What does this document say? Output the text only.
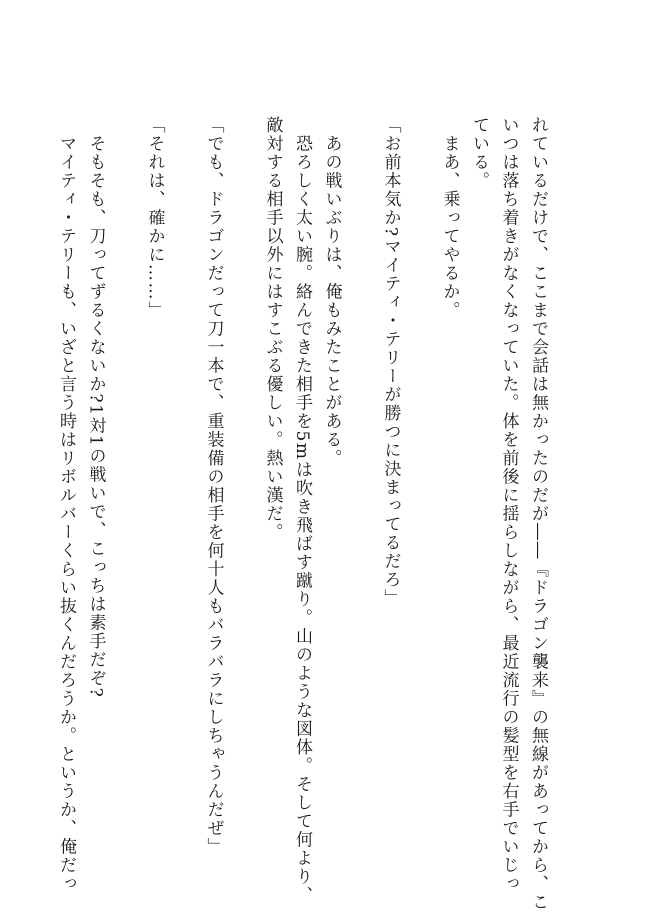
れているだけで、ここまで会話は無かったのだが――『ドラゴン襲来』の無線があってから、こ
いつは落ち着きがなくなっていた。体を前後に揺らしながら、最近流行の髪型を右手でいじっ
ている。
　まあ、乗ってやるか。
「お前本気か?マイティ・テリーが勝つに決まってるだろ」
　あの戦いぶりは、俺もみたことがある。
　恐ろしく太い腕。絡んできた相手を5mは吹き飛ばす蹴り。山のような図体。そして何より、
敵対する相手以外にはすこぶる優しい。熱い漢だ。
「でも、ドラゴンだって刀一本で、重装備の相手を何十人もバラバラにしちゃうんだぜ」
「それは、確かに……」
　そもそも、刀ってずるくないか?1対1の戦いで、こっちは素手だぞ?
　マイティ・テリーも、いざと言う時はリボルバーくらい抜くんだろうか。というか、俺だっ
